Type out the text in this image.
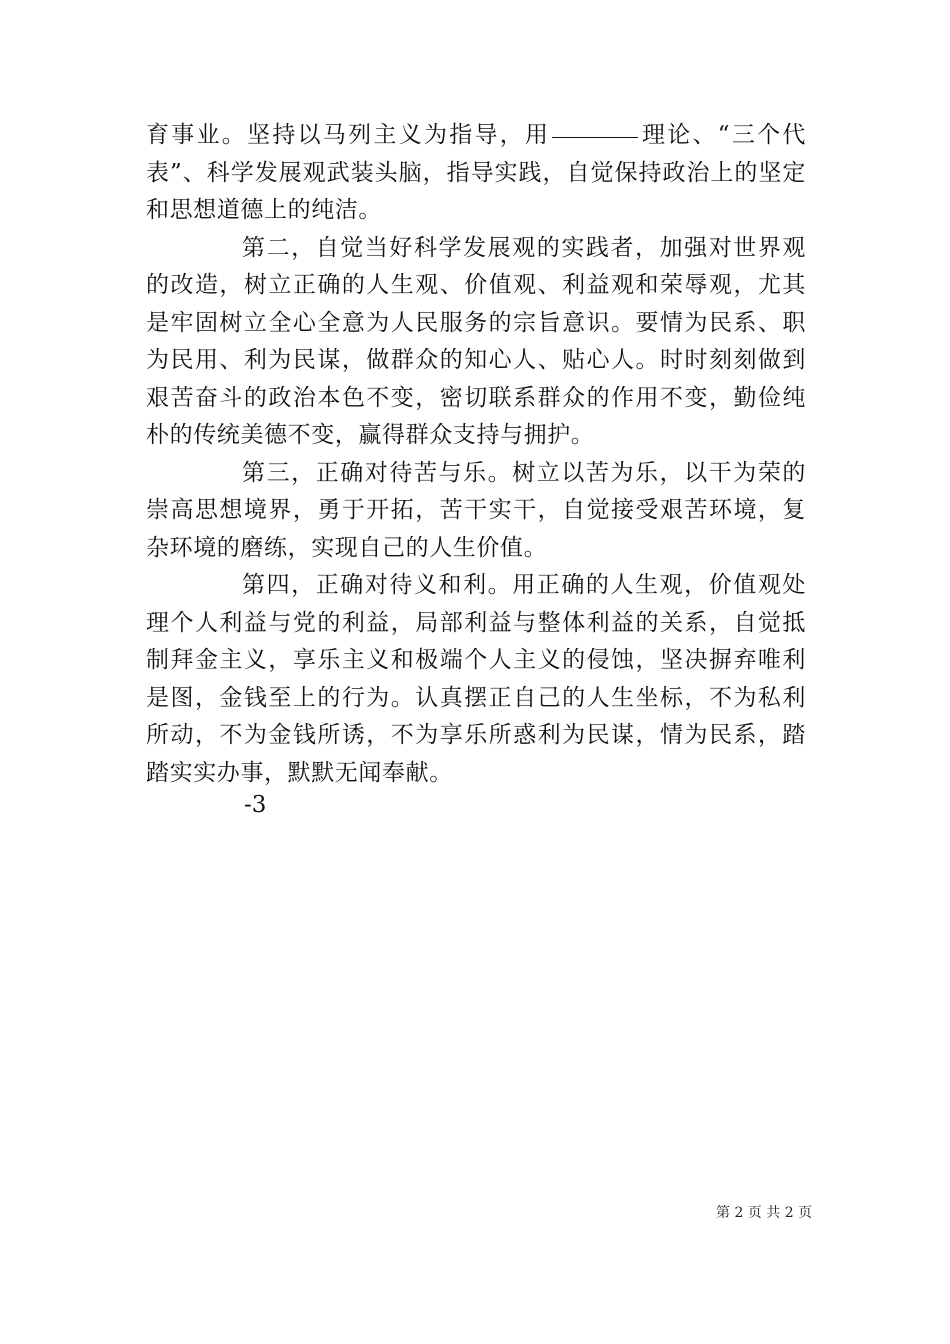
育事业。坚持以马列主义为指导，用	理论、“三个代表”、科学发展观武装头脑，指导实践，自觉保持政治上的坚定和思想道德上的纯洁。

第二，自觉当好科学发展观的实践者，加强对世界观的改造，树立正确的人生观、价值观、利益观和荣辱观，尤其是牢固树立全心全意为人民服务的宗旨意识。要情为民系、职为民用、利为民谋，做群众的知心人、贴心人。时时刻刻做到艰苦奋斗的政治本色不变，密切联系群众的作用不变，勤俭纯朴的传统美德不变，赢得群众支持与拥护。

第三，正确对待苦与乐。树立以苦为乐，以干为荣的崇高思想境界，勇于开拓，苦干实干，自觉接受艰苦环境，复杂环境的磨练，实现自己的人生价值。

第四，正确对待义和利。用正确的人生观，价值观处理个人利益与党的利益，局部利益与整体利益的关系，自觉抵制拜金主义，享乐主义和极端个人主义的侵蚀，坚决摒弃唯利是图，金钱至上的行为。认真摆正自己的人生坐标，不为私利所动，不为金钱所诱，不为享乐所惑利为民谋，情为民系，踏踏实实办事，默默无闻奉献。

-3
第 2 页 共 2 页
